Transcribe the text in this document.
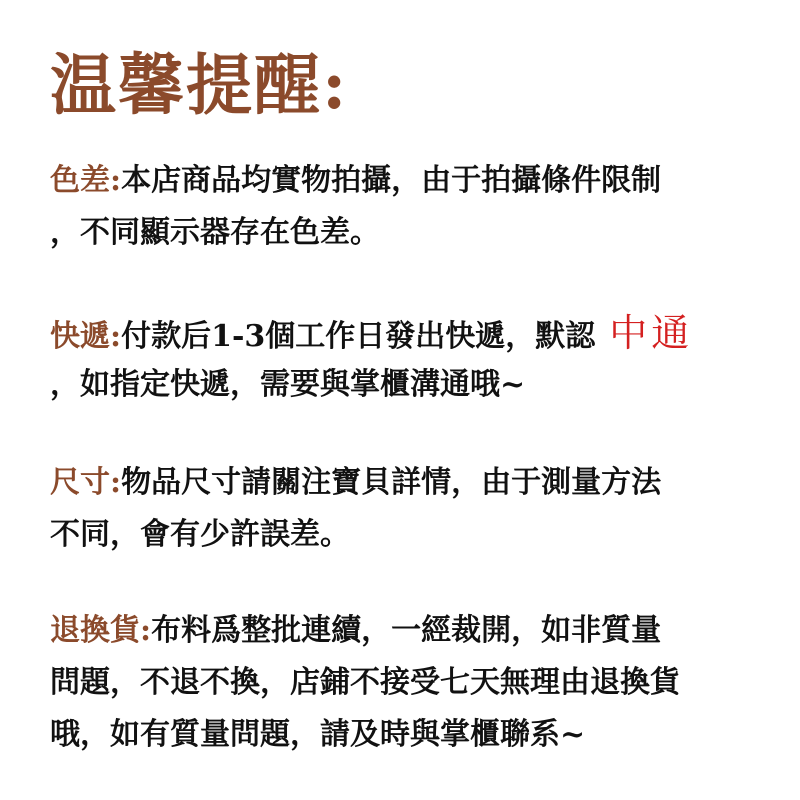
温馨提醒:
色差:本店商品均實物拍攝，由于拍攝條件限制
，不同顯示器存在色差。
快遞:付款后1-3個工作日發出快遞，默認 中通
，如指定快遞，需要與掌櫃溝通哦~
尺寸:物品尺寸請關注寶貝詳情，由于測量方法
不同，會有少許誤差。
退換貨:布料爲整批連續，一經裁開，如非質量
問題，不退不換，店鋪不接受七天無理由退換貨
哦，如有質量問題，請及時與掌櫃聯系~
